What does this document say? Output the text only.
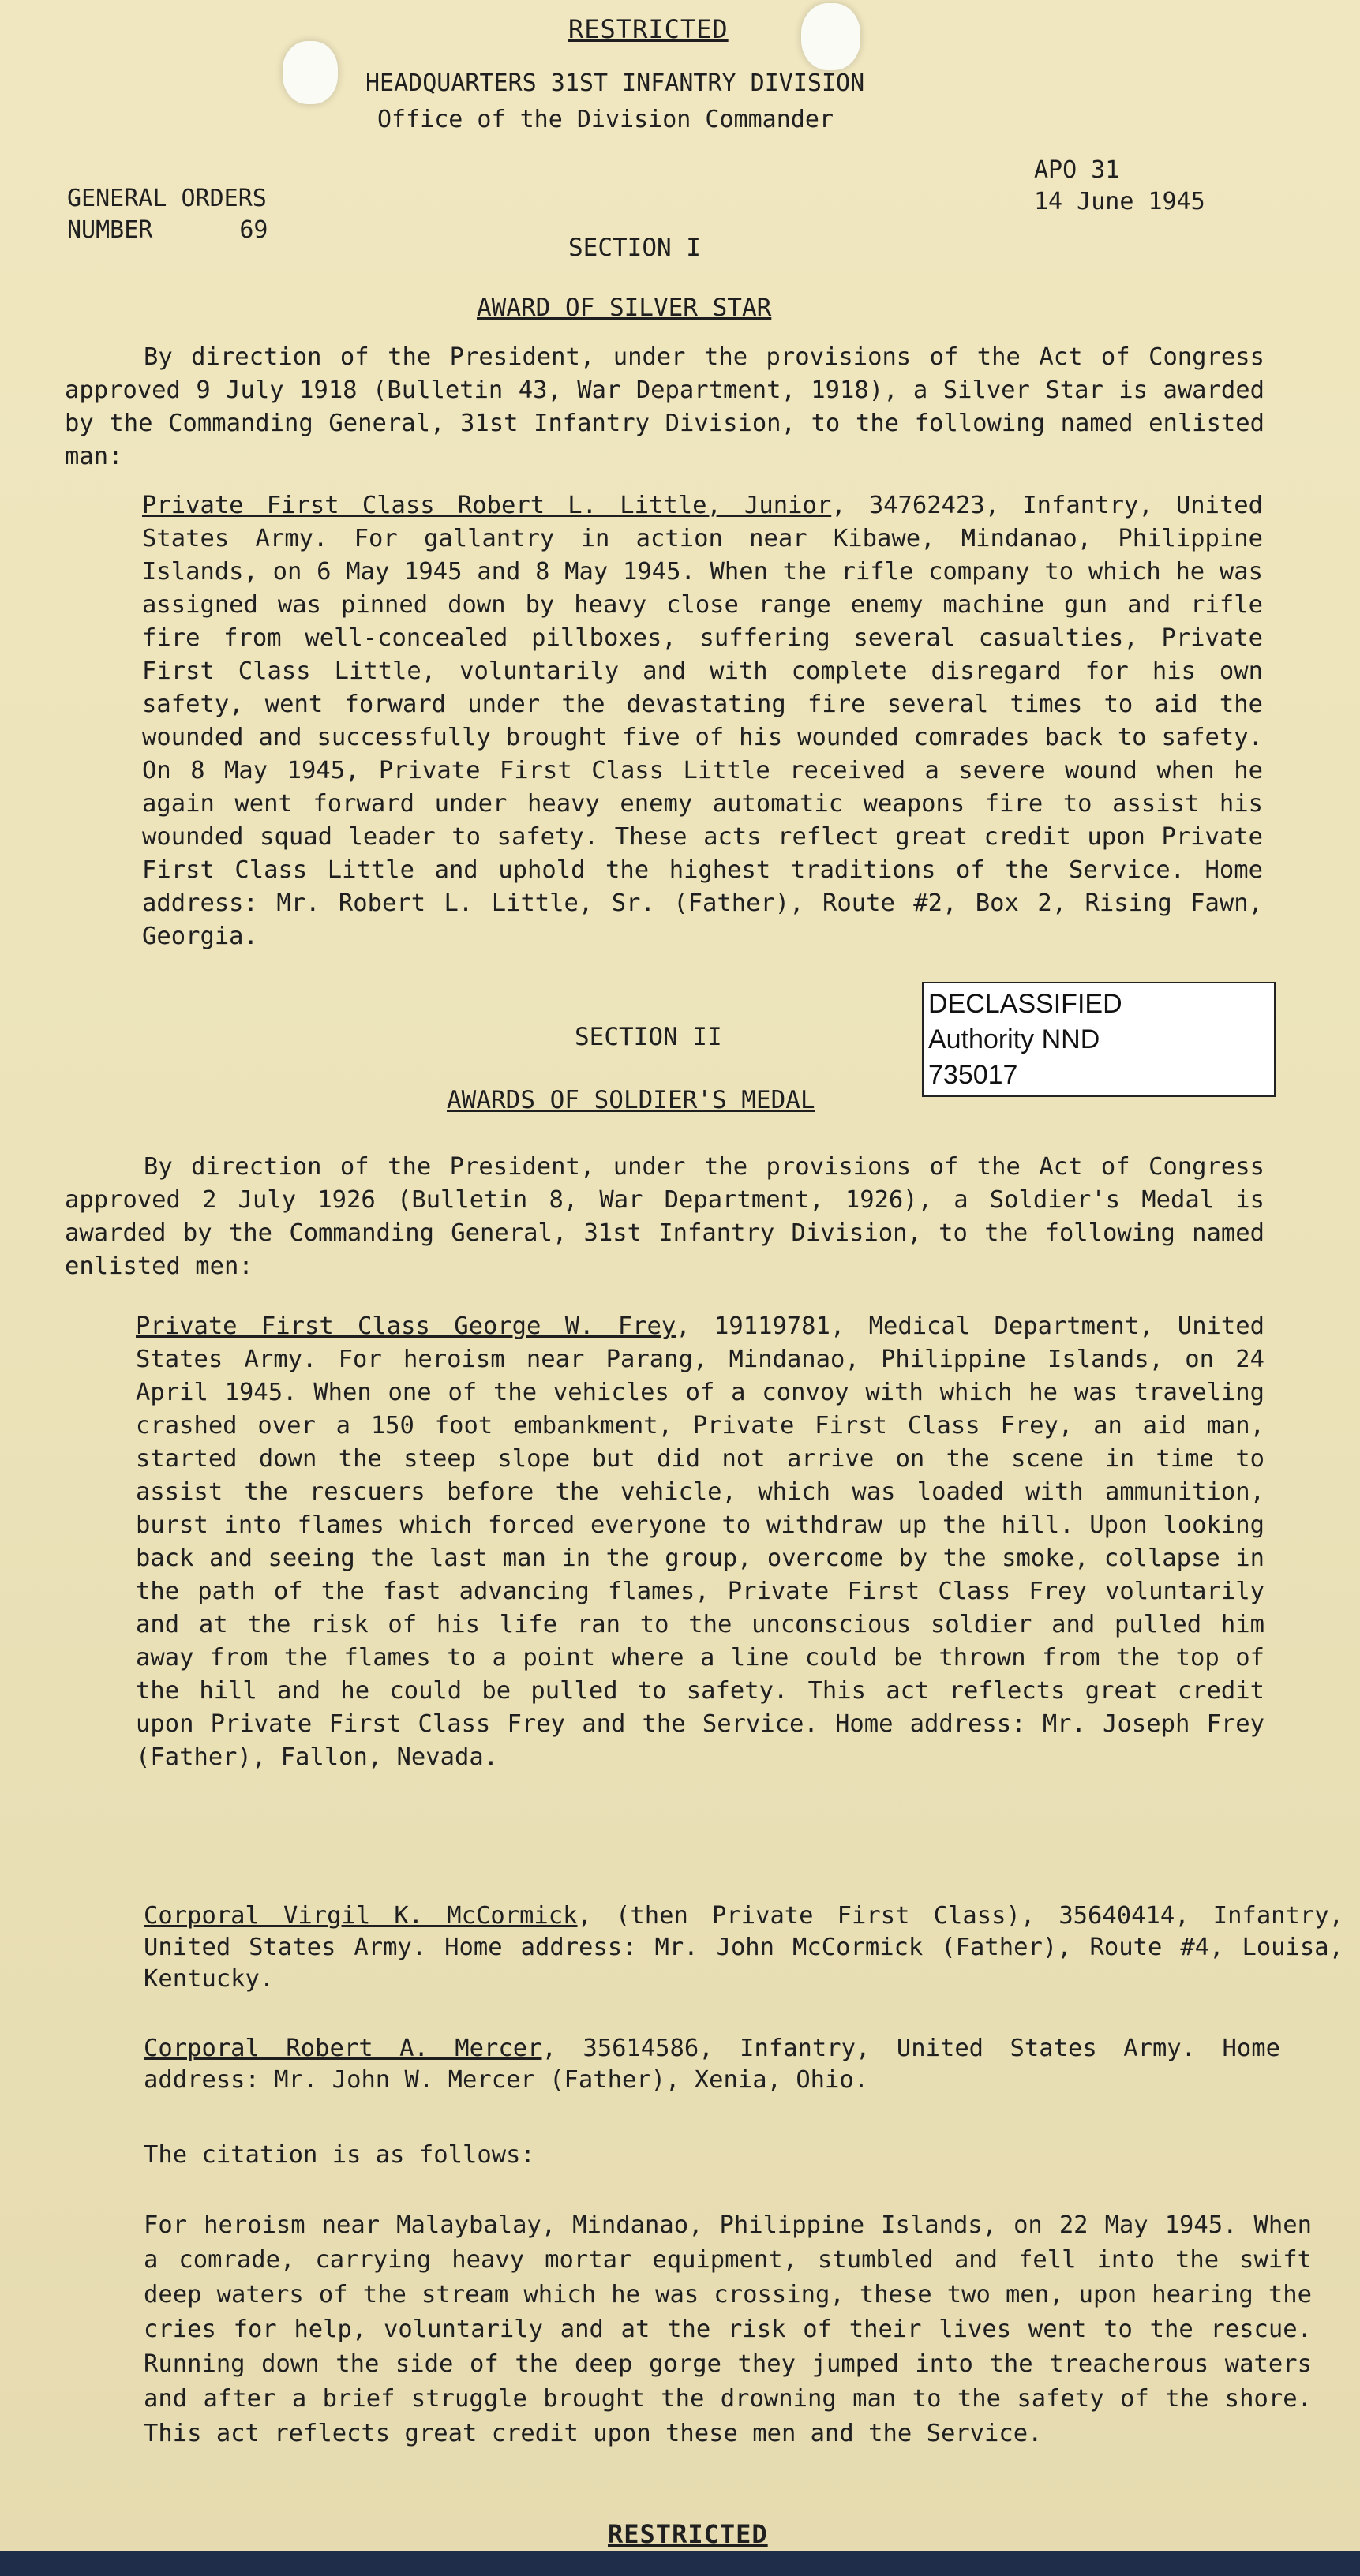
RESTRICTED
HEADQUARTERS 31ST INFANTRY DIVISION
Office of the Division Commander
GENERAL ORDERS
NUMBER	69
APO 31
14 June 1945
SECTION I
AWARD OF SILVER STAR
By direction of the President, under the provisions of the Act of Congress approved 9 July 1918 (Bulletin 43, War Department, 1918), a Silver Star is awarded by the Commanding General, 31st Infantry Division, to the following named enlisted man:
Private First Class Robert L. Little, Junior, 34762423, Infantry, United States Army. For gallantry in action near Kibawe, Mindanao, Philippine Islands, on 6 May 1945 and 8 May 1945. When the rifle company to which he was assigned was pinned down by heavy close range enemy machine gun and rifle fire from well-concealed pillboxes, suffering several casualties, Private First Class Little, voluntarily and with complete disregard for his own safety, went forward under the devastating fire several times to aid the wounded and successfully brought five of his wounded comrades back to safety. On 8 May 1945, Private First Class Little received a severe wound when he again went forward under heavy enemy automatic weapons fire to assist his wounded squad leader to safety. These acts reflect great credit upon Private First Class Little and uphold the highest traditions of the Service. Home address: Mr. Robert L. Little, Sr. (Father), Route #2, Box 2, Rising Fawn, Georgia.
DECLASSIFIED
Authority NND
735017
SECTION II
AWARDS OF SOLDIER'S MEDAL
By direction of the President, under the provisions of the Act of Congress approved 2 July 1926 (Bulletin 8, War Department, 1926), a Soldier's Medal is awarded by the Commanding General, 31st Infantry Division, to the following named enlisted men:
Private First Class George W. Frey, 19119781, Medical Department, United States Army. For heroism near Parang, Mindanao, Philippine Islands, on 24 April 1945. When one of the vehicles of a convoy with which he was traveling crashed over a 150 foot embankment, Private First Class Frey, an aid man, started down the steep slope but did not arrive on the scene in time to assist the rescuers before the vehicle, which was loaded with ammunition, burst into flames which forced everyone to withdraw up the hill. Upon looking back and seeing the last man in the group, overcome by the smoke, collapse in the path of the fast advancing flames, Private First Class Frey voluntarily and at the risk of his life ran to the unconscious soldier and pulled him away from the flames to a point where a line could be thrown from the top of the hill and he could be pulled to safety. This act reflects great credit upon Private First Class Frey and the Service. Home address: Mr. Joseph Frey (Father), Fallon, Nevada.
Corporal Virgil K. McCormick, (then Private First Class), 35640414, Infantry, United States Army. Home address: Mr. John McCormick (Father), Route #4, Louisa, Kentucky.
Corporal Robert A. Mercer, 35614586, Infantry, United States Army. Home address: Mr. John W. Mercer (Father), Xenia, Ohio.
The citation is as follows:
For heroism near Malaybalay, Mindanao, Philippine Islands, on 22 May 1945. When a comrade, carrying heavy mortar equipment, stumbled and fell into the swift deep waters of the stream which he was crossing, these two men, upon hearing the cries for help, voluntarily and at the risk of their lives went to the rescue. Running down the side of the deep gorge they jumped into the treacherous waters and after a brief struggle brought the drowning man to the safety of the shore. This act reflects great credit upon these men and the Service.
RESTRICTED
